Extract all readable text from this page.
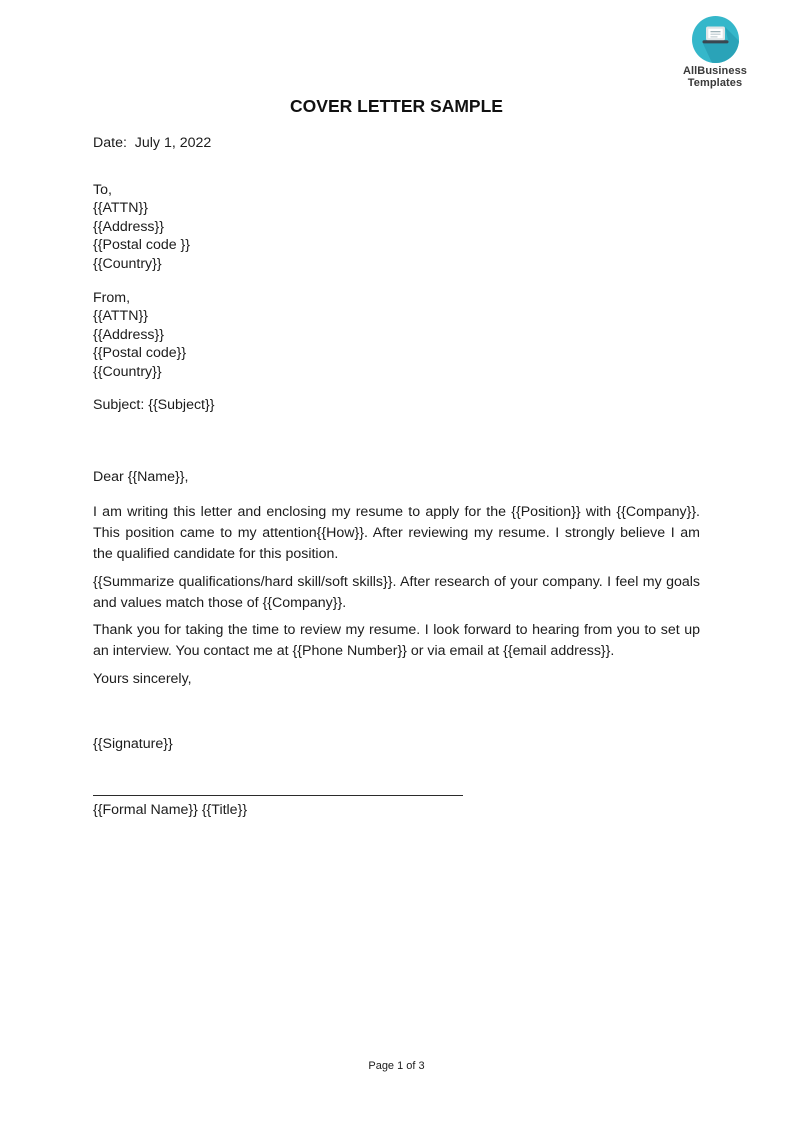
AllBusiness
Templates
COVER LETTER SAMPLE
Date:  July 1, 2022
To,
{{ATTN}}
{{Address}}
{{Postal code }}
{{Country}}
From,
{{ATTN}}
{{Address}}
{{Postal code}}
{{Country}}
Subject: {{Subject}}
Dear {{Name}},

I am writing this letter and enclosing my resume to apply for the {{Position}} with {{Company}}. This position came to my attention{{How}}. After reviewing my resume. I strongly believe I am the qualified candidate for this position.

{{Summarize qualifications/hard skill/soft skills}}. After research of your company. I feel my goals and values match those of {{Company}}.

Thank you for taking the time to review my resume. I look forward to hearing from you to set up an interview. You contact me at {{Phone Number}} or via email at {{email address}}.

Yours sincerely,
{{Signature}}
{{Formal Name}} {{Title}}
Page 1 of 3
